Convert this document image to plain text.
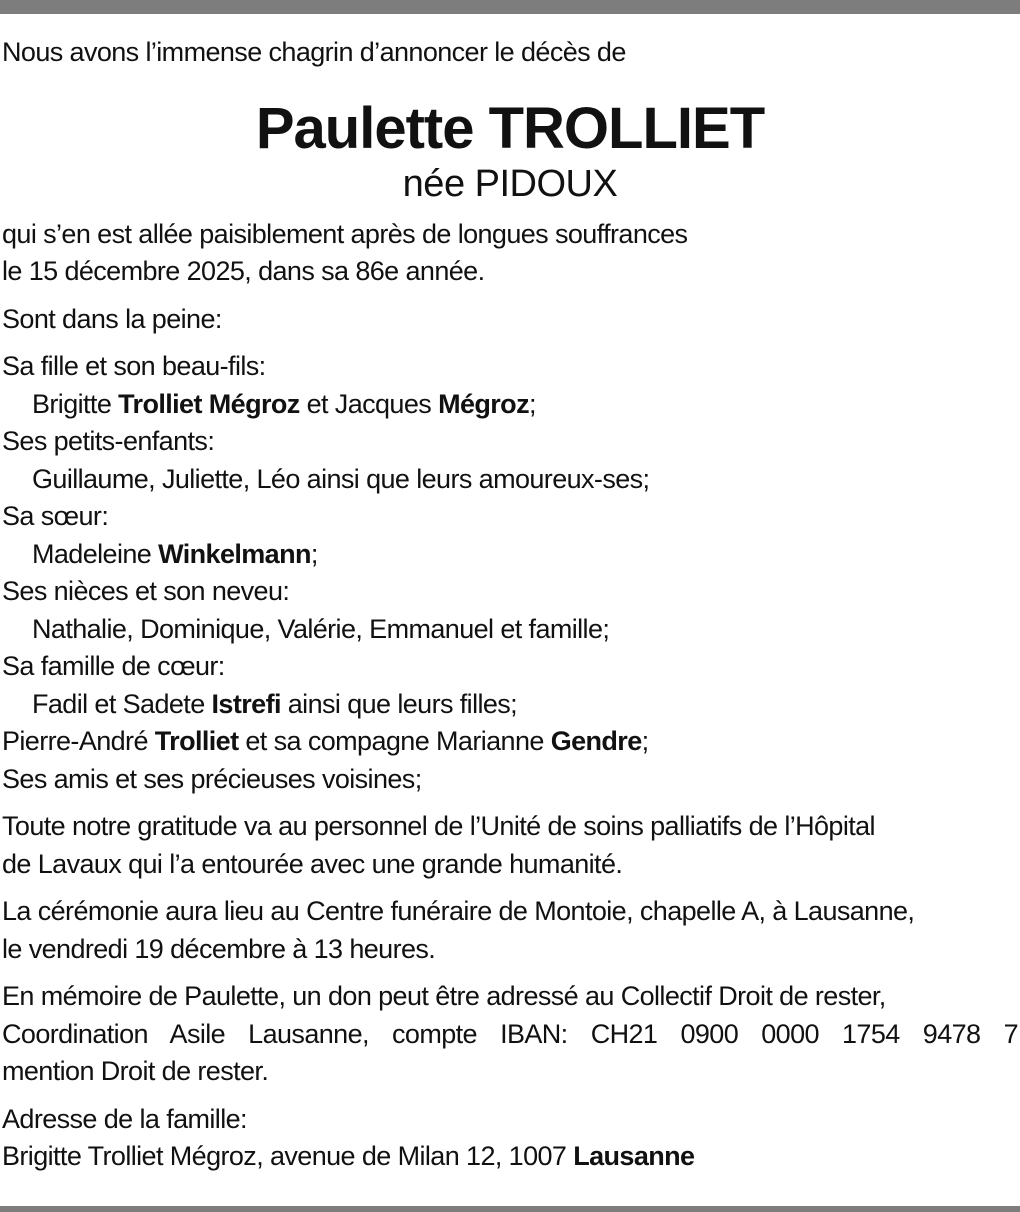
Nous avons l’immense chagrin d’annoncer le décès de
Paulette TROLLIET
née PIDOUX
qui s’en est allée paisiblement après de longues souffrances
le 15 décembre 2025, dans sa 86e année.
Sont dans la peine:
Sa fille et son beau-fils:
Brigitte Trolliet Mégroz et Jacques Mégroz;
Ses petits-enfants:
Guillaume, Juliette, Léo ainsi que leurs amoureux-ses;
Sa sœur:
Madeleine Winkelmann;
Ses nièces et son neveu:
Nathalie, Dominique, Valérie, Emmanuel et famille;
Sa famille de cœur:
Fadil et Sadete Istrefi ainsi que leurs filles;
Pierre-André Trolliet et sa compagne Marianne Gendre;
Ses amis et ses précieuses voisines;
Toute notre gratitude va au personnel de l’Unité de soins palliatifs de l’Hôpital
de Lavaux qui l’a entourée avec une grande humanité.
La cérémonie aura lieu au Centre funéraire de Montoie, chapelle A, à Lausanne,
le vendredi 19 décembre à 13 heures.
En mémoire de Paulette, un don peut être adressé au Collectif Droit de rester,
Coordination Asile Lausanne, compte IBAN: CH21 0900 0000 1754 9478 7
mention Droit de rester.
Adresse de la famille:
Brigitte Trolliet Mégroz, avenue de Milan 12, 1007 Lausanne
